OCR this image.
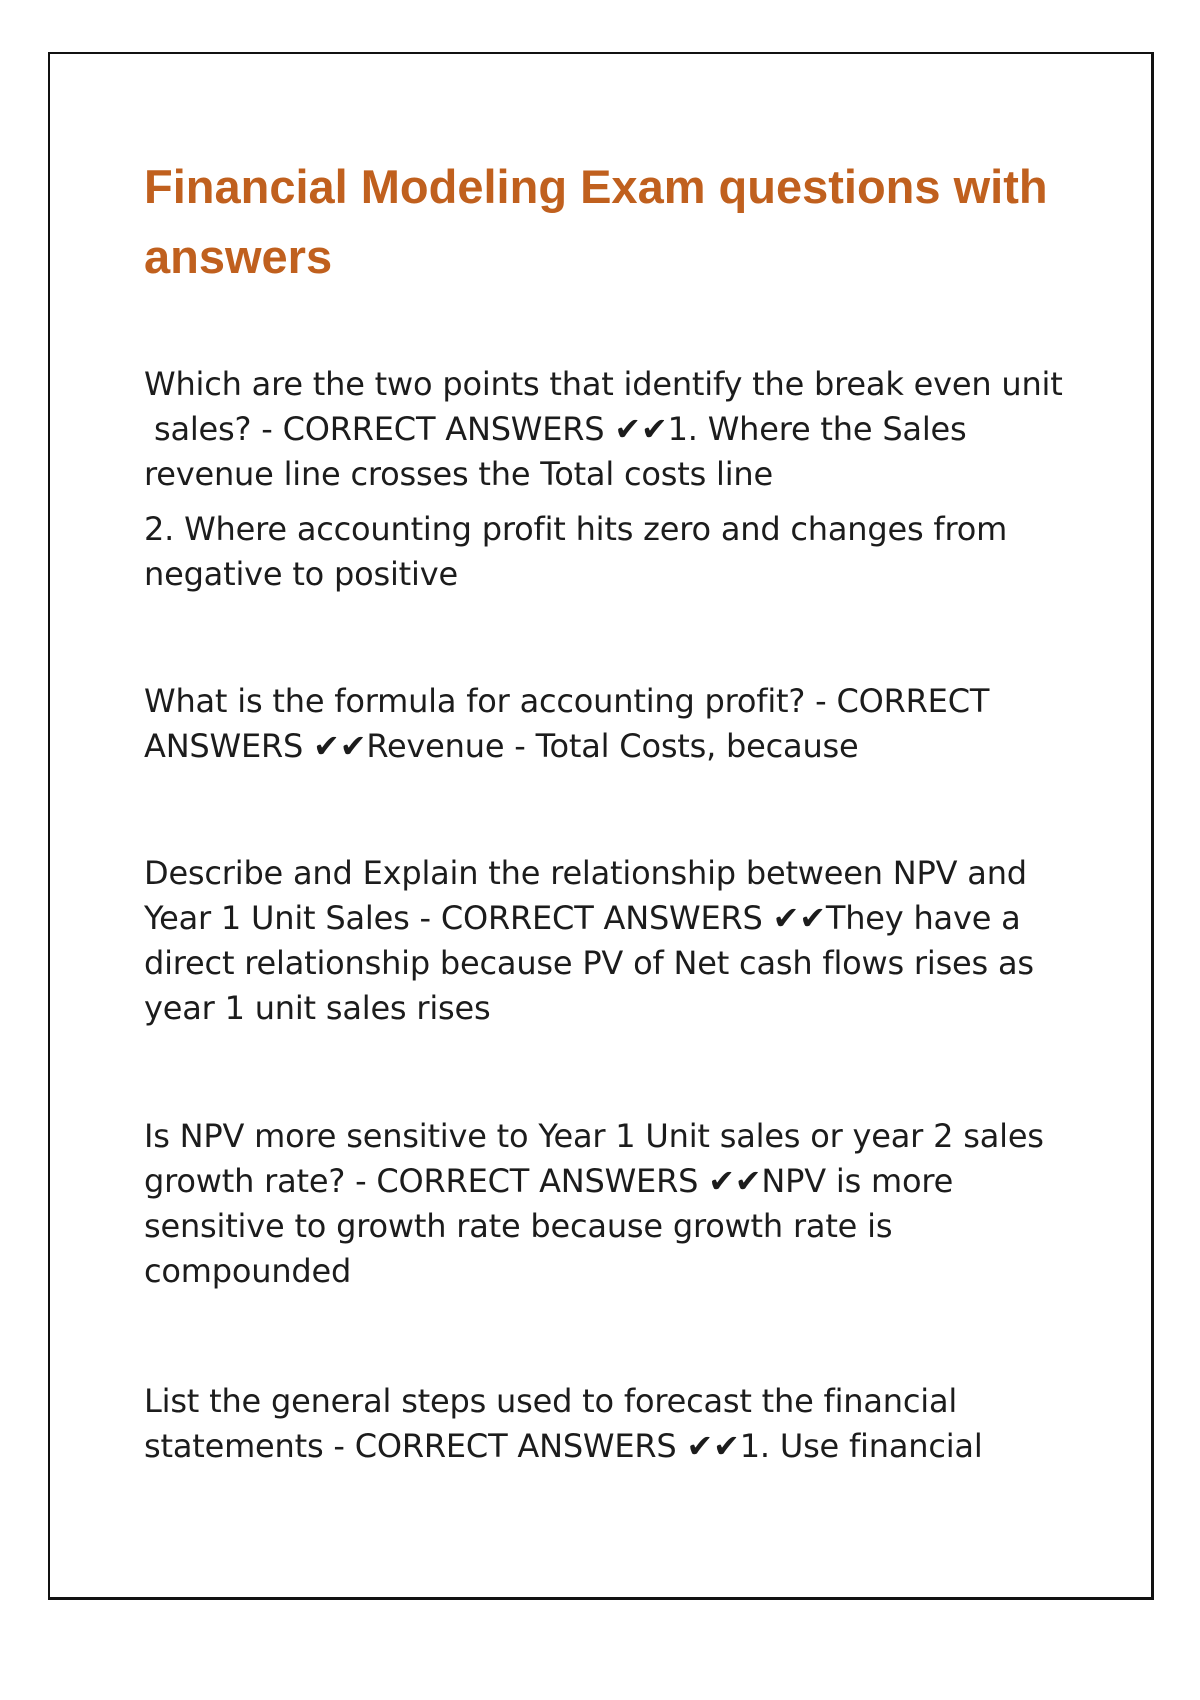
Financial Modeling Exam questions with
answers

Which are the two points that identify the break even unit
sales? - CORRECT ANSWERS ✔✔1. Where the Sales
revenue line crosses the Total costs line

2. Where accounting profit hits zero and changes from
negative to positive

What is the formula for accounting profit? - CORRECT
ANSWERS ✔✔Revenue - Total Costs, because

Describe and Explain the relationship between NPV and
Year 1 Unit Sales - CORRECT ANSWERS ✔✔They have a
direct relationship because PV of Net cash flows rises as
year 1 unit sales rises

Is NPV more sensitive to Year 1 Unit sales or year 2 sales
growth rate? - CORRECT ANSWERS ✔✔NPV is more
sensitive to growth rate because growth rate is
compounded

List the general steps used to forecast the financial
statements - CORRECT ANSWERS ✔✔1. Use financial
